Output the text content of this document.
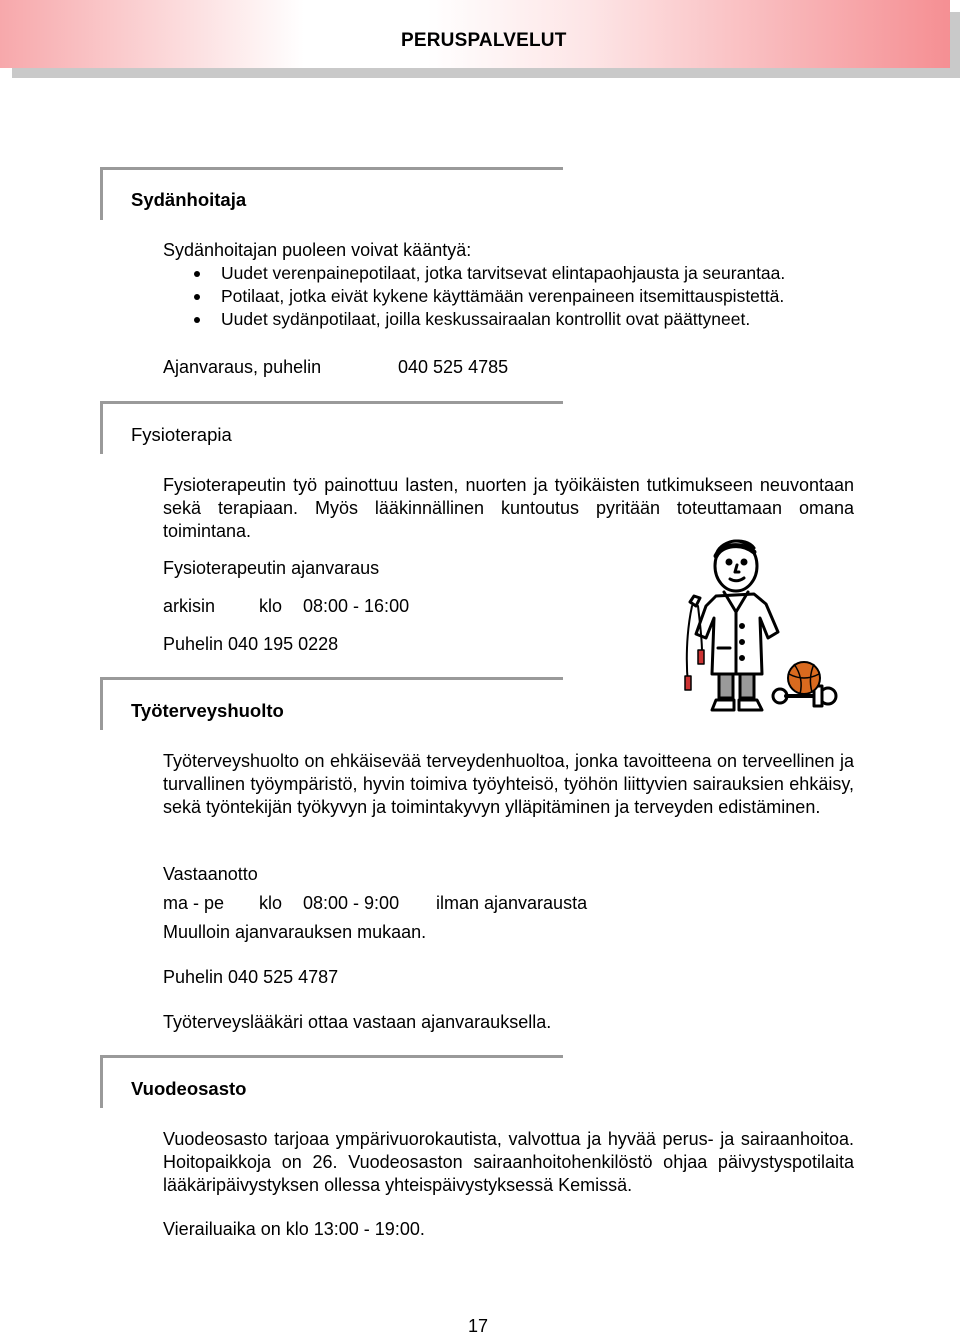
PERUSPALVELUT
Sydänhoitaja
Sydänhoitajan puoleen voivat kääntyä:
Uudet verenpainepotilaat, jotka tarvitsevat elintapaohjausta ja seurantaa.
Potilaat, jotka eivät kykene käyttämään verenpaineen itsemittauspistettä.
Uudet sydänpotilaat, joilla keskussairaalan kontrollit ovat päättyneet.
Ajanvaraus, puhelin	040 525 4785
Fysioterapia
Fysioterapeutin työ painottuu lasten, nuorten ja työikäisten tutkimukseen neuvontaan sekä terapiaan. Myös lääkinnällinen kuntoutus pyritään toteuttamaan omana toimintana.
Fysioterapeutin ajanvaraus
arkisin klo 08:00 - 16:00
Puhelin 040 195 0228
Työterveyshuolto
Työterveyshuolto on ehkäisevää terveydenhuoltoa, jonka tavoitteena on terveellinen ja turvallinen työympäristö, hyvin toimiva työyhteisö, työhön liittyvien sairauksien ehkäisy, sekä työntekijän työkyvyn ja toimintakyvyn ylläpitäminen ja terveyden edistäminen.
Vastaanotto
ma - pe klo 08:00 - 9:00 ilman ajanvarausta
Muulloin ajanvarauksen mukaan.
Puhelin 040 525 4787
Työterveyslääkäri ottaa vastaan ajanvarauksella.
Vuodeosasto
Vuodeosasto tarjoaa ympärivuorokautista, valvottua ja hyvää perus- ja sairaanhoitoa. Hoitopaikkoja on 26. Vuodeosaston sairaanhoitohenkilöstö ohjaa päivystyspotilaita lääkäripäivystyksen ollessa yhteispäivystyksessä Kemissä.
Vierailuaika on klo 13:00 - 19:00.
17
